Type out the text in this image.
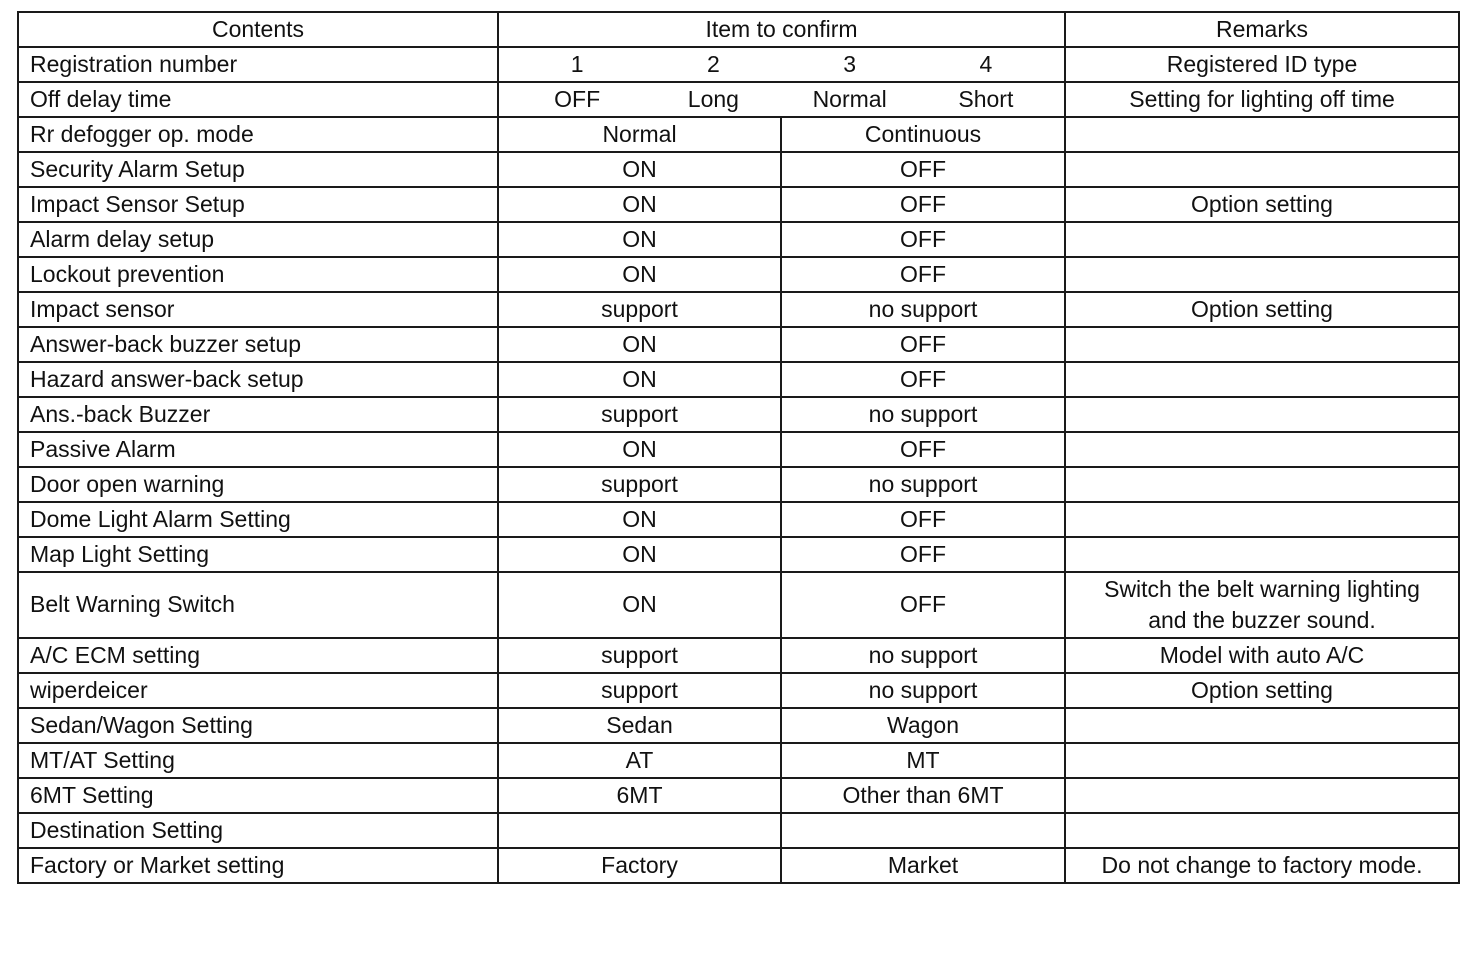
Contents	Item to confirm		Remarks
Registration number	1 2 3 4		Registered ID type
Off delay time	OFF Long Normal Short		Setting for lighting off time
Rr defogger op. mode	Normal	Continuous	
Security Alarm Setup	ON	OFF	
Impact Sensor Setup	ON	OFF	Option setting
Alarm delay setup	ON	OFF	
Lockout prevention	ON	OFF	
Impact sensor	support	no support	Option setting
Answer-back buzzer setup	ON	OFF	
Hazard answer-back setup	ON	OFF	
Ans.-back Buzzer	support	no support	
Passive Alarm	ON	OFF	
Door open warning	support	no support	
Dome Light Alarm Setting	ON	OFF	
Map Light Setting	ON	OFF	
Belt Warning Switch	ON	OFF	Switch the belt warning lighting
and the buzzer sound.

A/C ECM setting	support	no support	Model with auto A/C
wiperdeicer	support	no support	Option setting
Sedan/Wagon Setting	Sedan	Wagon	
MT/AT Setting	AT	MT	
6MT Setting	6MT	Other than 6MT	
Destination Setting			
Factory or Market setting	Factory	Market	Do not change to factory mode.
